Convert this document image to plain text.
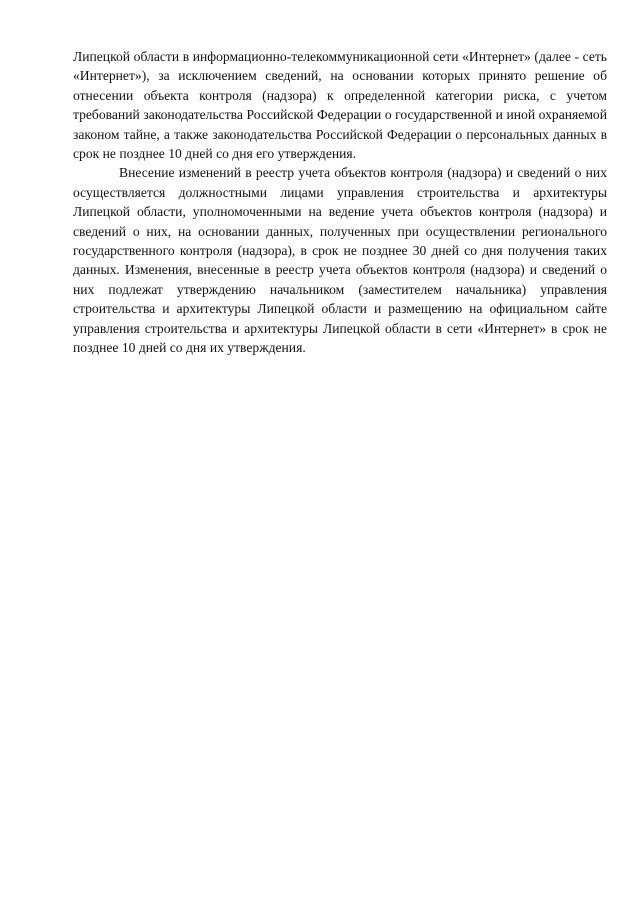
Липецкой области в информационно-телекоммуникационной сети «Интернет» (далее - сеть «Интернет»), за исключением сведений, на основании которых принято решение об отнесении объекта контроля (надзора) к определенной категории риска, с учетом требований законодательства Российской Федерации о государственной и иной охраняемой законом тайне, а также законодательства Российской Федерации о персональных данных в срок не позднее 10 дней со дня его утверждения.

Внесение изменений в реестр учета объектов контроля (надзора) и сведений о них осуществляется должностными лицами управления строительства и архитектуры Липецкой области, уполномоченными на ведение учета объектов контроля (надзора) и сведений о них, на основании данных, полученных при осуществлении регионального государственного контроля (надзора), в срок не позднее 30 дней со дня получения таких данных. Изменения, внесенные в реестр учета объектов контроля (надзора) и сведений о них подлежат утверждению начальником (заместителем начальника) управления строительства и архитектуры Липецкой области и размещению на официальном сайте управления строительства и архитектуры Липецкой области в сети «Интернет» в срок не позднее 10 дней со дня их утверждения.
